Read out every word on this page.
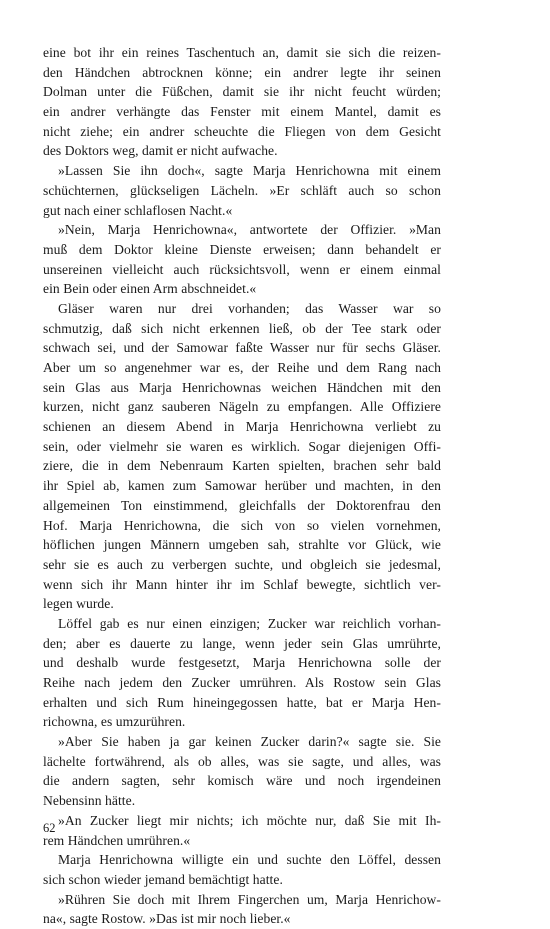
eine bot ihr ein reines Taschentuch an, damit sie sich die reizen-
den Händchen abtrocknen könne; ein andrer legte ihr seinen
Dolman unter die Füßchen, damit sie ihr nicht feucht würden;
ein andrer verhängte das Fenster mit einem Mantel, damit es
nicht ziehe; ein andrer scheuchte die Fliegen von dem Gesicht
des Doktors weg, damit er nicht aufwache.
»Lassen Sie ihn doch«, sagte Marja Henrichowna mit einem
schüchternen, glückseligen Lächeln. »Er schläft auch so schon
gut nach einer schlaflosen Nacht.«
»Nein, Marja Henrichowna«, antwortete der Offizier. »Man
muß dem Doktor kleine Dienste erweisen; dann behandelt er
unsereinen vielleicht auch rücksichtsvoll, wenn er einem einmal
ein Bein oder einen Arm abschneidet.«
Gläser waren nur drei vorhanden; das Wasser war so
schmutzig, daß sich nicht erkennen ließ, ob der Tee stark oder
schwach sei, und der Samowar faßte Wasser nur für sechs Gläser.
Aber um so angenehmer war es, der Reihe und dem Rang nach
sein Glas aus Marja Henrichownas weichen Händchen mit den
kurzen, nicht ganz sauberen Nägeln zu empfangen. Alle Offiziere
schienen an diesem Abend in Marja Henrichowna verliebt zu
sein, oder vielmehr sie waren es wirklich. Sogar diejenigen Offi-
ziere, die in dem Nebenraum Karten spielten, brachen sehr bald
ihr Spiel ab, kamen zum Samowar herüber und machten, in den
allgemeinen Ton einstimmend, gleichfalls der Doktorenfrau den
Hof. Marja Henrichowna, die sich von so vielen vornehmen,
höflichen jungen Männern umgeben sah, strahlte vor Glück, wie
sehr sie es auch zu verbergen suchte, und obgleich sie jedesmal,
wenn sich ihr Mann hinter ihr im Schlaf bewegte, sichtlich ver-
legen wurde.
Löffel gab es nur einen einzigen; Zucker war reichlich vorhan-
den; aber es dauerte zu lange, wenn jeder sein Glas umrührte,
und deshalb wurde festgesetzt, Marja Henrichowna solle der
Reihe nach jedem den Zucker umrühren. Als Rostow sein Glas
erhalten und sich Rum hineingegossen hatte, bat er Marja Hen-
richowna, es umzurühren.
»Aber Sie haben ja gar keinen Zucker darin?« sagte sie. Sie
lächelte fortwährend, als ob alles, was sie sagte, und alles, was
die andern sagten, sehr komisch wäre und noch irgendeinen
Nebensinn hätte.
»An Zucker liegt mir nichts; ich möchte nur, daß Sie mit Ih-
rem Händchen umrühren.«
Marja Henrichowna willigte ein und suchte den Löffel, dessen
sich schon wieder jemand bemächtigt hatte.
»Rühren Sie doch mit Ihrem Fingerchen um, Marja Henrichow-
na«, sagte Rostow. »Das ist mir noch lieber.«
62
